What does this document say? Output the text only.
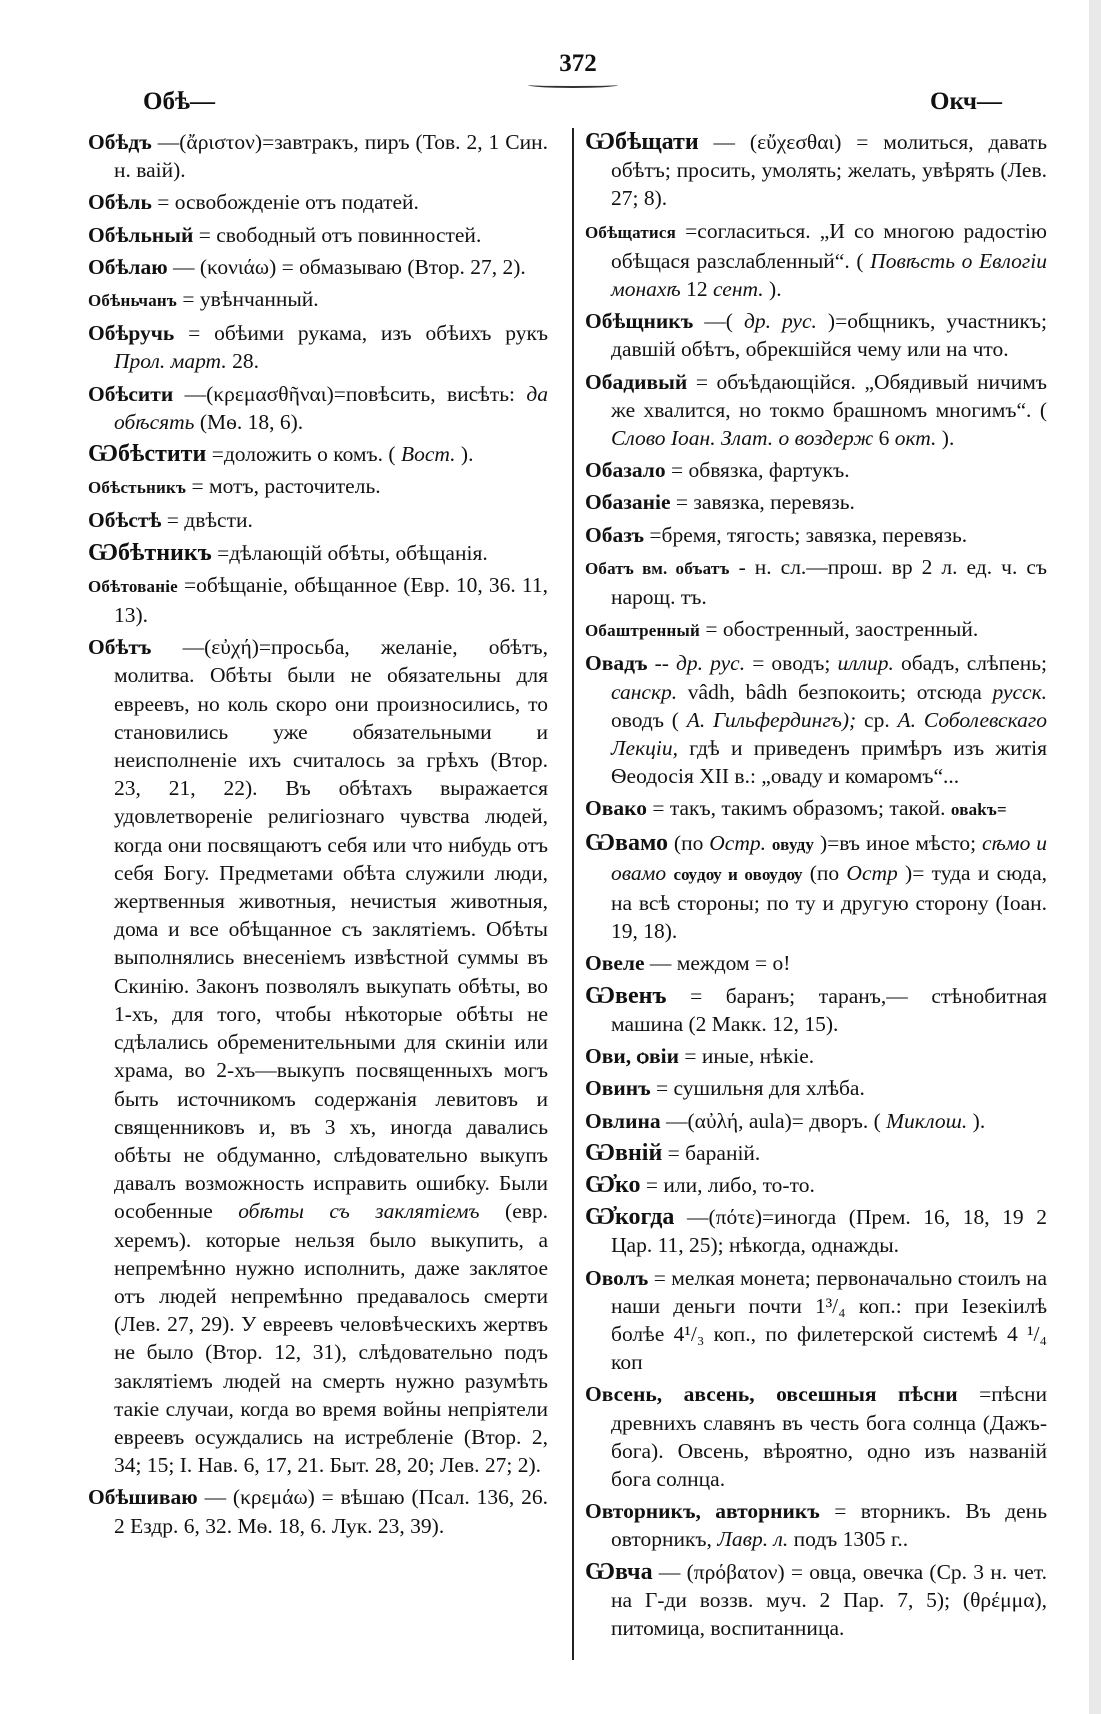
372
Обѣ—	Окч—

Обѣдъ —(ἄριστον)=завтракъ, пиръ (Тов. 2, 1 Син. н. ваій).

Обѣль = освобожденіе отъ податей.

Обѣльный = свободный отъ повинностей.

Обѣлаю — (κονιάω) = обмазываю (Втор. 27, 2).

Обѣньчанъ = увѣнчанный.

Обѣручь = обѣими рукама, изъ обѣихъ рукъ Прол. март. 28.

Обѣсити —(κρεμασθῆναι)=повѣсить, висѣть: да обѣсять (Мѳ. 18, 6).

Ѡбѣстити =доложить о комъ. ( Вост. ).

Обѣстьникъ = мотъ, расточитель.

Обѣстѣ = двѣсти.

Ѡбѣтникъ =дѣлающій обѣты, обѣщанія.

Обѣтованіе =обѣщаніе, обѣщанное (Евр. 10, 36. 11, 13).

Обѣтъ —(εὐχή)=просьба, желаніе, обѣтъ, молитва. Обѣты были не обязательны для евреевъ, но коль скоро они произносились, то становились уже обязательными и неисполненіе ихъ считалось за грѣхъ (Втор. 23, 21, 22). Въ обѣтахъ выражается удовлетвореніе религіознаго чувства людей, когда они посвящаютъ себя или что нибудь отъ себя Богу. Предметами обѣта служили люди, жертвенныя животныя, нечистыя животныя, дома и все обѣщанное съ заклятіемъ. Обѣты выполнялись внесеніемъ извѣстной суммы въ Скинію. Законъ позволялъ выкупать обѣты, во 1-хъ, для того, чтобы нѣкоторые обѣты не сдѣлались обременительными для скиніи или храма, во 2-хъ—выкупъ посвященныхъ могъ быть источникомъ содержанія левитовъ и священниковъ и, въ 3 хъ, иногда давались обѣты не обдуманно, слѣдовательно выкупъ давалъ возможность исправить ошибку. Были особенные обѣты съ заклятіемъ (евр. херемъ). которые нельзя было выкупить, а непремѣнно нужно исполнить, даже заклятое отъ людей непремѣнно предавалось смерти (Лев. 27, 29). У евреевъ человѣческихъ жертвъ не было (Втор. 12, 31), слѣдовательно подъ заклятіемъ людей на смерть нужно разумѣть такіе случаи, когда во время войны непріятели евреевъ осуждались на истребленіе (Втор. 2, 34; 15; І. Нав. 6, 17, 21. Быт. 28, 20; Лев. 27; 2).

Обѣшиваю — (κρεμάω) = вѣшаю (Псал. 136, 26. 2 Ездр. 6, 32. Мѳ. 18, 6. Лук. 23, 39).

Ѡбѣщати — (εὔχεσθαι) = молиться, давать обѣтъ; просить, умолять; желать, увѣрять (Лев. 27; 8).

Обѣщатися =согласиться. „И со многою радостію обѣщася разслабленный“. ( Повѣсть о Евлогіи монахѣ 12 сент. ).

Обѣщникъ —( др. рус. )=общникъ, участникъ; давшій обѣтъ, обрекшійся чему или на что.

Обадивый = объѣдающійся. „Обядивый ничимъ же хвалится, но токмо брашномъ многимъ“. ( Слово Іоан. Злат. о воздерж 6 окт. ).

Обазало = обвязка, фартукъ.

Обазаніе = завязка, перевязь.

Обазъ =бремя, тягость; завязка, перевязь.

Обатъ вм. объатъ - н. сл.—прош. вр 2 л. ед. ч. съ нарощ. тъ.

Обаштренный = обостренный, заостренный.

Овадъ -- др. рус. = оводъ; иллир. обадъ, слѣпень; санскр. vâdh, bâdh безпокоить; отсюда русск. оводъ ( А. Гильфердингъ); ср. А. Соболевскаго Лекціи, гдѣ и приведенъ примѣръ изъ житія Ѳеодосія XII в.: „оваду и комаромъ“...

Овако = такъ, такимъ образомъ; такой. оваkъ=

Ѡвамо (по Остр. овуду )=въ иное мѣсто; сѣмо и овамо сѹдѹ и овѹдѹ (по Остр )= туда и сюда, на всѣ стороны; по ту и другую сторону (Іоан. 19, 18).

Овеле — междом = о!

Ѡвенъ = баранъ; таранъ,— стѣнобитная машина (2 Макк. 12, 15).

Ови, ѻвіи = иные, нѣкіе.

Овинъ = сушильня для хлѣба.

Овлина —(αὐλή, aula)= дворъ. ( Миклош. ).

Ѡвній = бараній.

Ѡ҆ко = или, либо, то-то.

Ѡ҆когда —(πότε)=иногда (Прем. 16, 18, 19 2 Цар. 11, 25); нѣкогда, однажды.

Оволъ = мелкая монета; первоначально стоилъ на наши деньги почти 1³/₄ коп.: при Іезекіилѣ болѣе 4¹/₃ коп., по филетерской системѣ 4 ¹/₄ коп

Овсень, авсень, овсешныя пѣсни =пѣсни древнихъ славянъ въ честь бога солнца (Дажъ-бога). Овсень, вѣроятно, одно изъ названій бога солнца.

Овторникъ, авторникъ = вторникъ. Въ день овторникъ, Лавр. л. подъ 1305 г..

Ѡвча — (πρόβατον) = овца, овечка (Ср. 3 н. чет. на Г-ди воззв. муч. 2 Пар. 7, 5); (θρέμμα), питомица, воспитанница.
